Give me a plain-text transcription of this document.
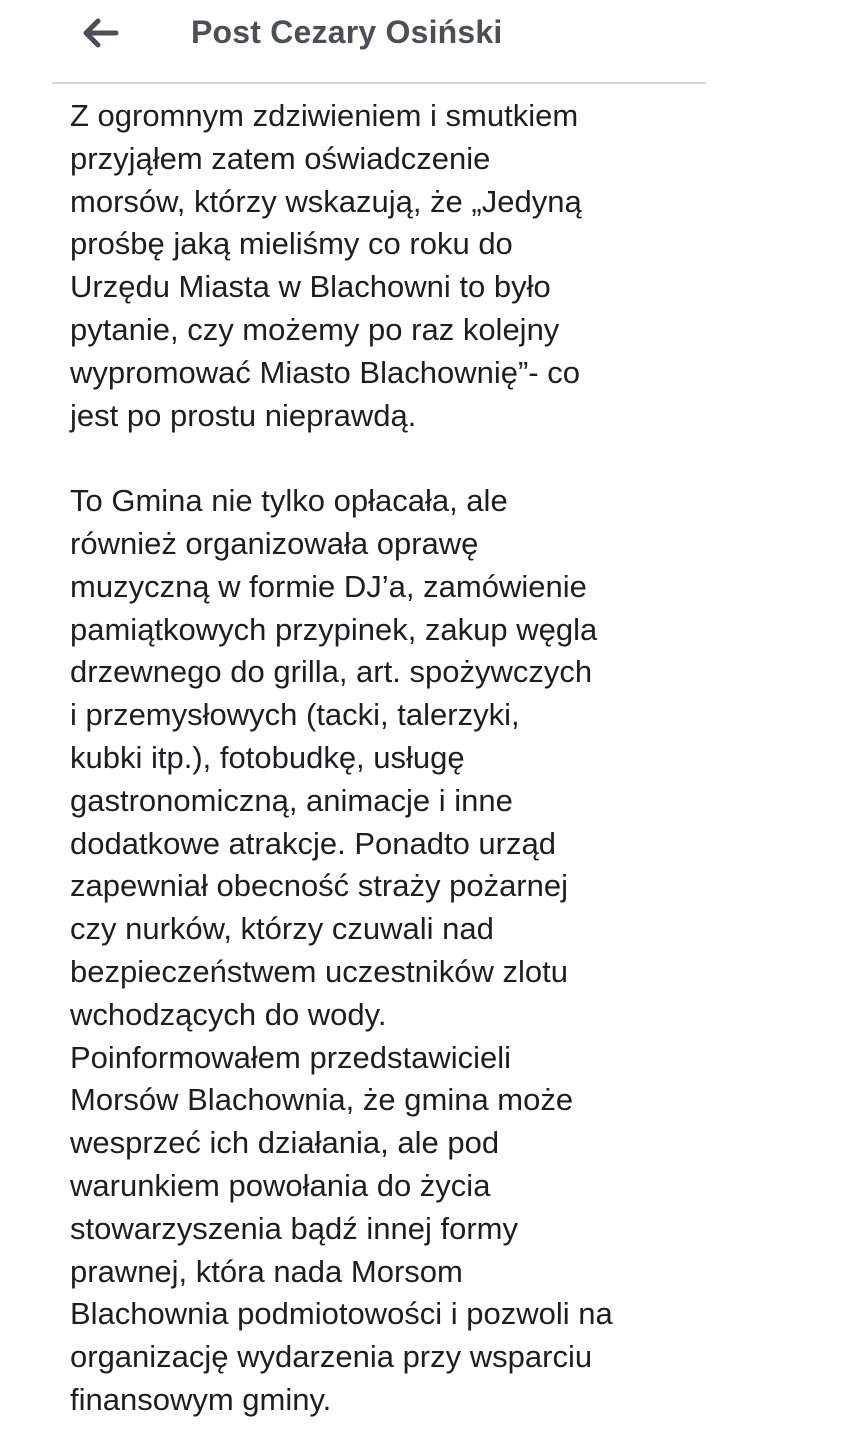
Post Cezary Osiński
Z ogromnym zdziwieniem i smutkiem
przyjąłem zatem oświadczenie
morsów, którzy wskazują, że „Jedyną
prośbę jaką mieliśmy co roku do
Urzędu Miasta w Blachowni to było
pytanie, czy możemy po raz kolejny
wypromować Miasto Blachownię”- co
jest po prostu nieprawdą.
To Gmina nie tylko opłacała, ale
również organizowała oprawę
muzyczną w formie DJ’a, zamówienie
pamiątkowych przypinek, zakup węgla
drzewnego do grilla, art. spożywczych
i przemysłowych (tacki, talerzyki,
kubki itp.), fotobudkę, usługę
gastronomiczną, animacje i inne
dodatkowe atrakcje. Ponadto urząd
zapewniał obecność straży pożarnej
czy nurków, którzy czuwali nad
bezpieczeństwem uczestników zlotu
wchodzących do wody.
Poinformowałem przedstawicieli
Morsów Blachownia, że gmina może
wesprzeć ich działania, ale pod
warunkiem powołania do życia
stowarzyszenia bądź innej formy
prawnej, która nada Morsom
Blachownia podmiotowości i pozwoli na
organizację wydarzenia przy wsparciu
finansowym gminy.
